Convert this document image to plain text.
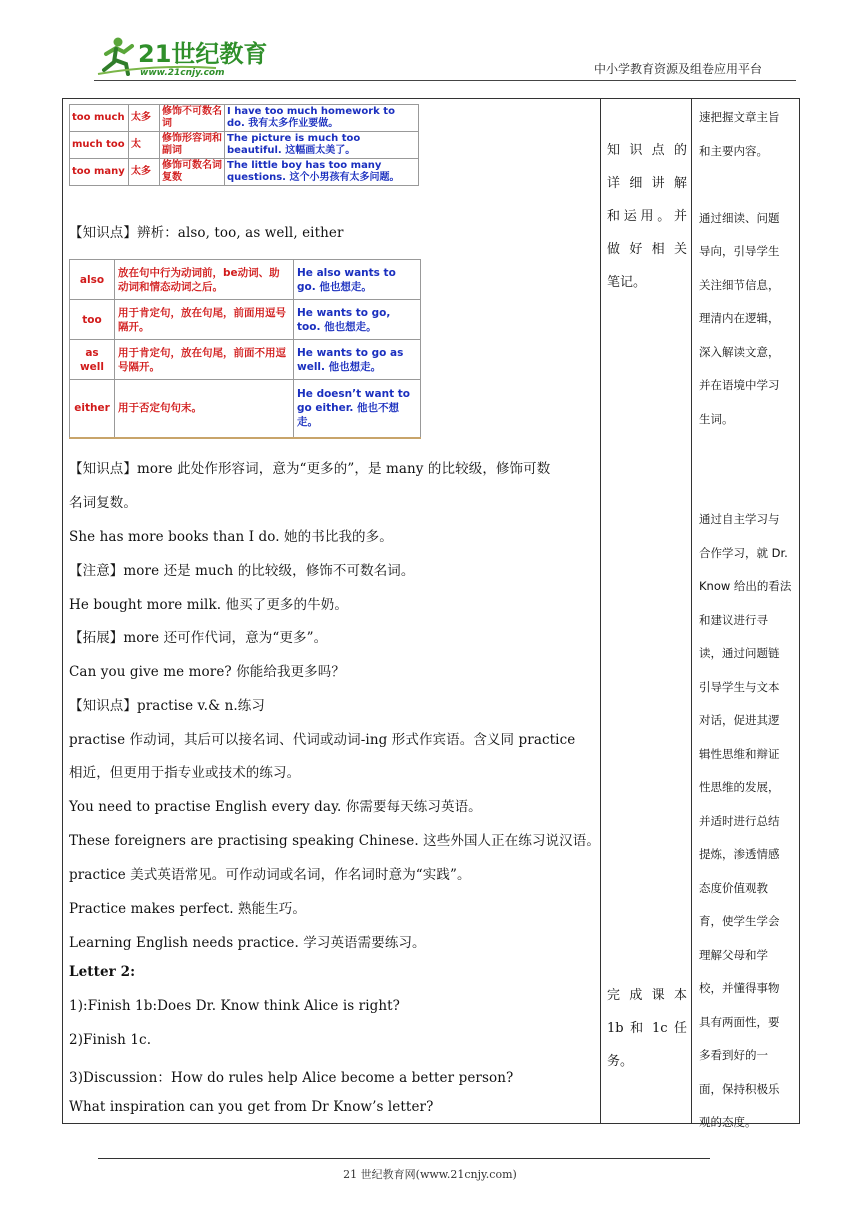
21世纪教育
www.21cnjy.com	中小学教育资源及组卷应用平台
too much	太多	修饰不可数名词	I have too much homework to do. 我有太多作业要做。
much too	太	修饰形容词和副词	The picture is much too beautiful. 这幅画太美了。
too many	太多	修饰可数名词复数	The little boy has too many questions. 这个小男孩有太多问题。
【知识点】辨析：also, too, as well, either
also	放在句中行为动词前，be动词、助动词和情态动词之后。	He also wants to go. 他也想走。
too	用于肯定句，放在句尾，前面用逗号隔开。	He wants to go, too. 他也想走。
as well	用于肯定句，放在句尾，前面不用逗号隔开。	He wants to go as well. 他也想走。
either	用于否定句句末。	He doesn’t want to go either. 他也不想走。
【知识点】more 此处作形容词，意为“更多的”，是 many 的比较级，修饰可数
名词复数。
She has more books than I do. 她的书比我的多。
【注意】more 还是 much 的比较级，修饰不可数名词。
He bought more milk. 他买了更多的牛奶。
【拓展】more 还可作代词，意为“更多”。
Can you give me more? 你能给我更多吗？
【知识点】practise v.& n.练习
practise 作动词，其后可以接名词、代词或动词-ing 形式作宾语。含义同 practice
相近，但更用于指专业或技术的练习。
You need to practise English every day. 你需要每天练习英语。
These foreigners are practising speaking Chinese. 这些外国人正在练习说汉语。
practice 美式英语常见。可作动词或名词，作名词时意为“实践”。
Practice makes perfect. 熟能生巧。
Learning English needs practice. 学习英语需要练习。
Letter 2:
1):Finish 1b:Does Dr. Know think Alice is right?
2)Finish 1c.
3)Discussion：How do rules help Alice become a better person?
What inspiration can you get from Dr Know’s letter?
知识点的
详细讲解
和运用。并
做好相关
笔记。
完成课本
1b 和 1c 任
务。
速把握文章主旨
和主要内容。

通过细读、问题
导向，引导学生
关注细节信息，
理清内在逻辑，
深入解读文意，
并在语境中学习
生词。

通过自主学习与
合作学习，就 Dr.
Know 给出的看法
和建议进行寻
读，通过问题链
引导学生与文本
对话，促进其逻
辑性思维和辩证
性思维的发展，
并适时进行总结
提炼，渗透情感
态度价值观教
育，使学生学会
理解父母和学
校，并懂得事物
具有两面性，要
多看到好的一
面，保持积极乐
观的态度。
21 世纪教育网(www.21cnjy.com)
